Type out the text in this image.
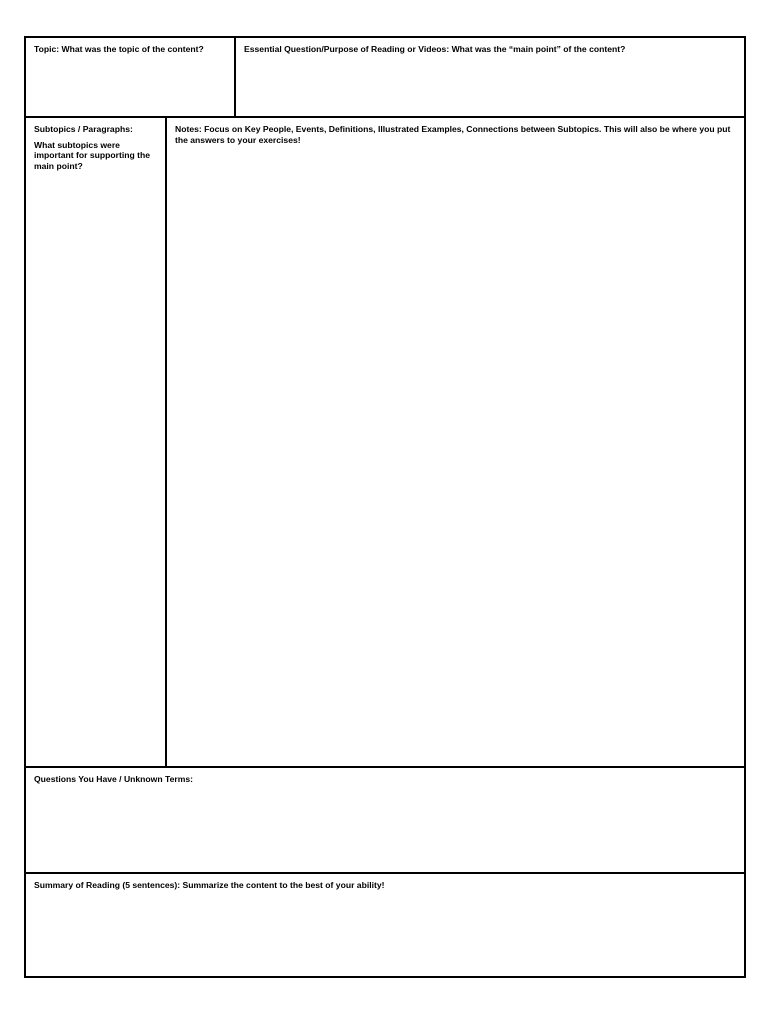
Topic: What was the topic of the content?	Essential Question/Purpose of Reading or Videos: What was the “main point” of the content?
Subtopics / Paragraphs:
What subtopics were important for supporting the main point?
Notes: Focus on Key People, Events, Definitions, Illustrated Examples, Connections between Subtopics. This will also be where you put the answers to your exercises!
Questions You Have / Unknown Terms:
Summary of Reading (5 sentences): Summarize the content to the best of your ability!
